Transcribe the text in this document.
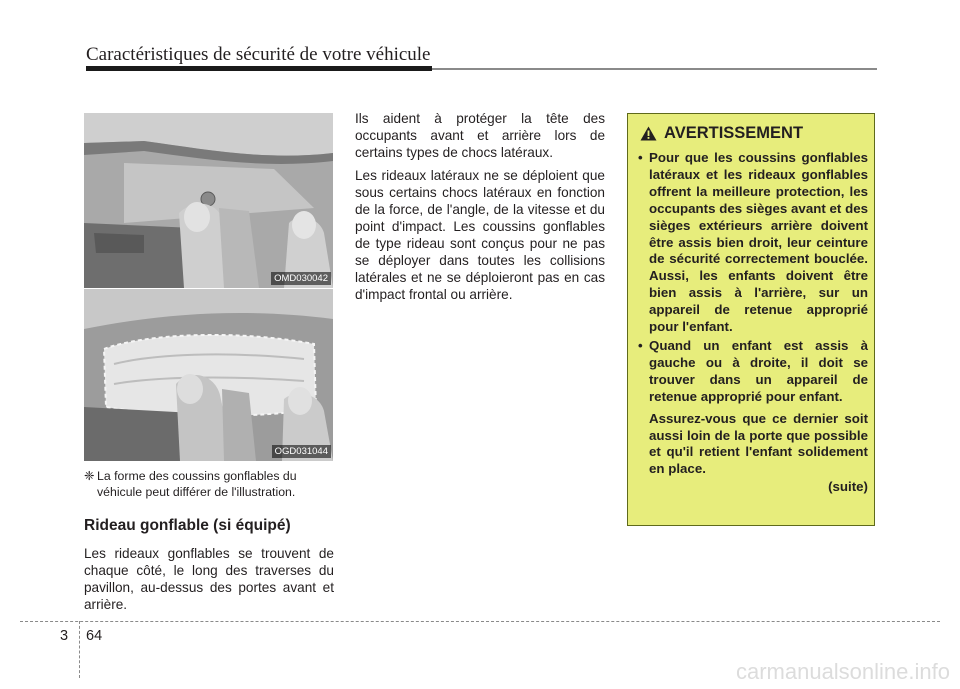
Caractéristiques de sécurité de votre véhicule
OMD030042
OGD031044
❈ La forme des coussins gonflables du
véhicule peut différer de l'illustration.
Rideau gonflable (si équipé)
Les rideaux gonflables se trouvent de chaque côté, le long des traverses du pavillon, au-dessus des portes avant et arrière.
Ils aident à protéger la tête des occupants avant et arrière lors de certains types de chocs latéraux.
Les rideaux latéraux ne se déploient que sous certains chocs latéraux en fonction de la force, de l'angle, de la vitesse et du point d'impact. Les coussins gonflables de type rideau sont conçus pour ne pas se déployer dans toutes les collisions latérales et ne se déploieront pas en cas d'impact frontal ou arrière.
AVERTISSEMENT
• Pour que les coussins gonflables latéraux et les rideaux gonflables offrent la meilleure protection, les occupants des sièges avant et des sièges extérieurs arrière doivent être assis bien droit, leur ceinture de sécurité correctement bouclée. Aussi, les enfants doivent être bien assis à l'arrière, sur un appareil de retenue approprié pour l'enfant.
• Quand un enfant est assis à gauche ou à droite, il doit se trouver dans un appareil de retenue approprié pour enfant.
Assurez-vous que ce dernier soit aussi loin de la porte que possible et qu'il retient l'enfant solidement en place.
(suite)
3 64
carmanualsonline.info
